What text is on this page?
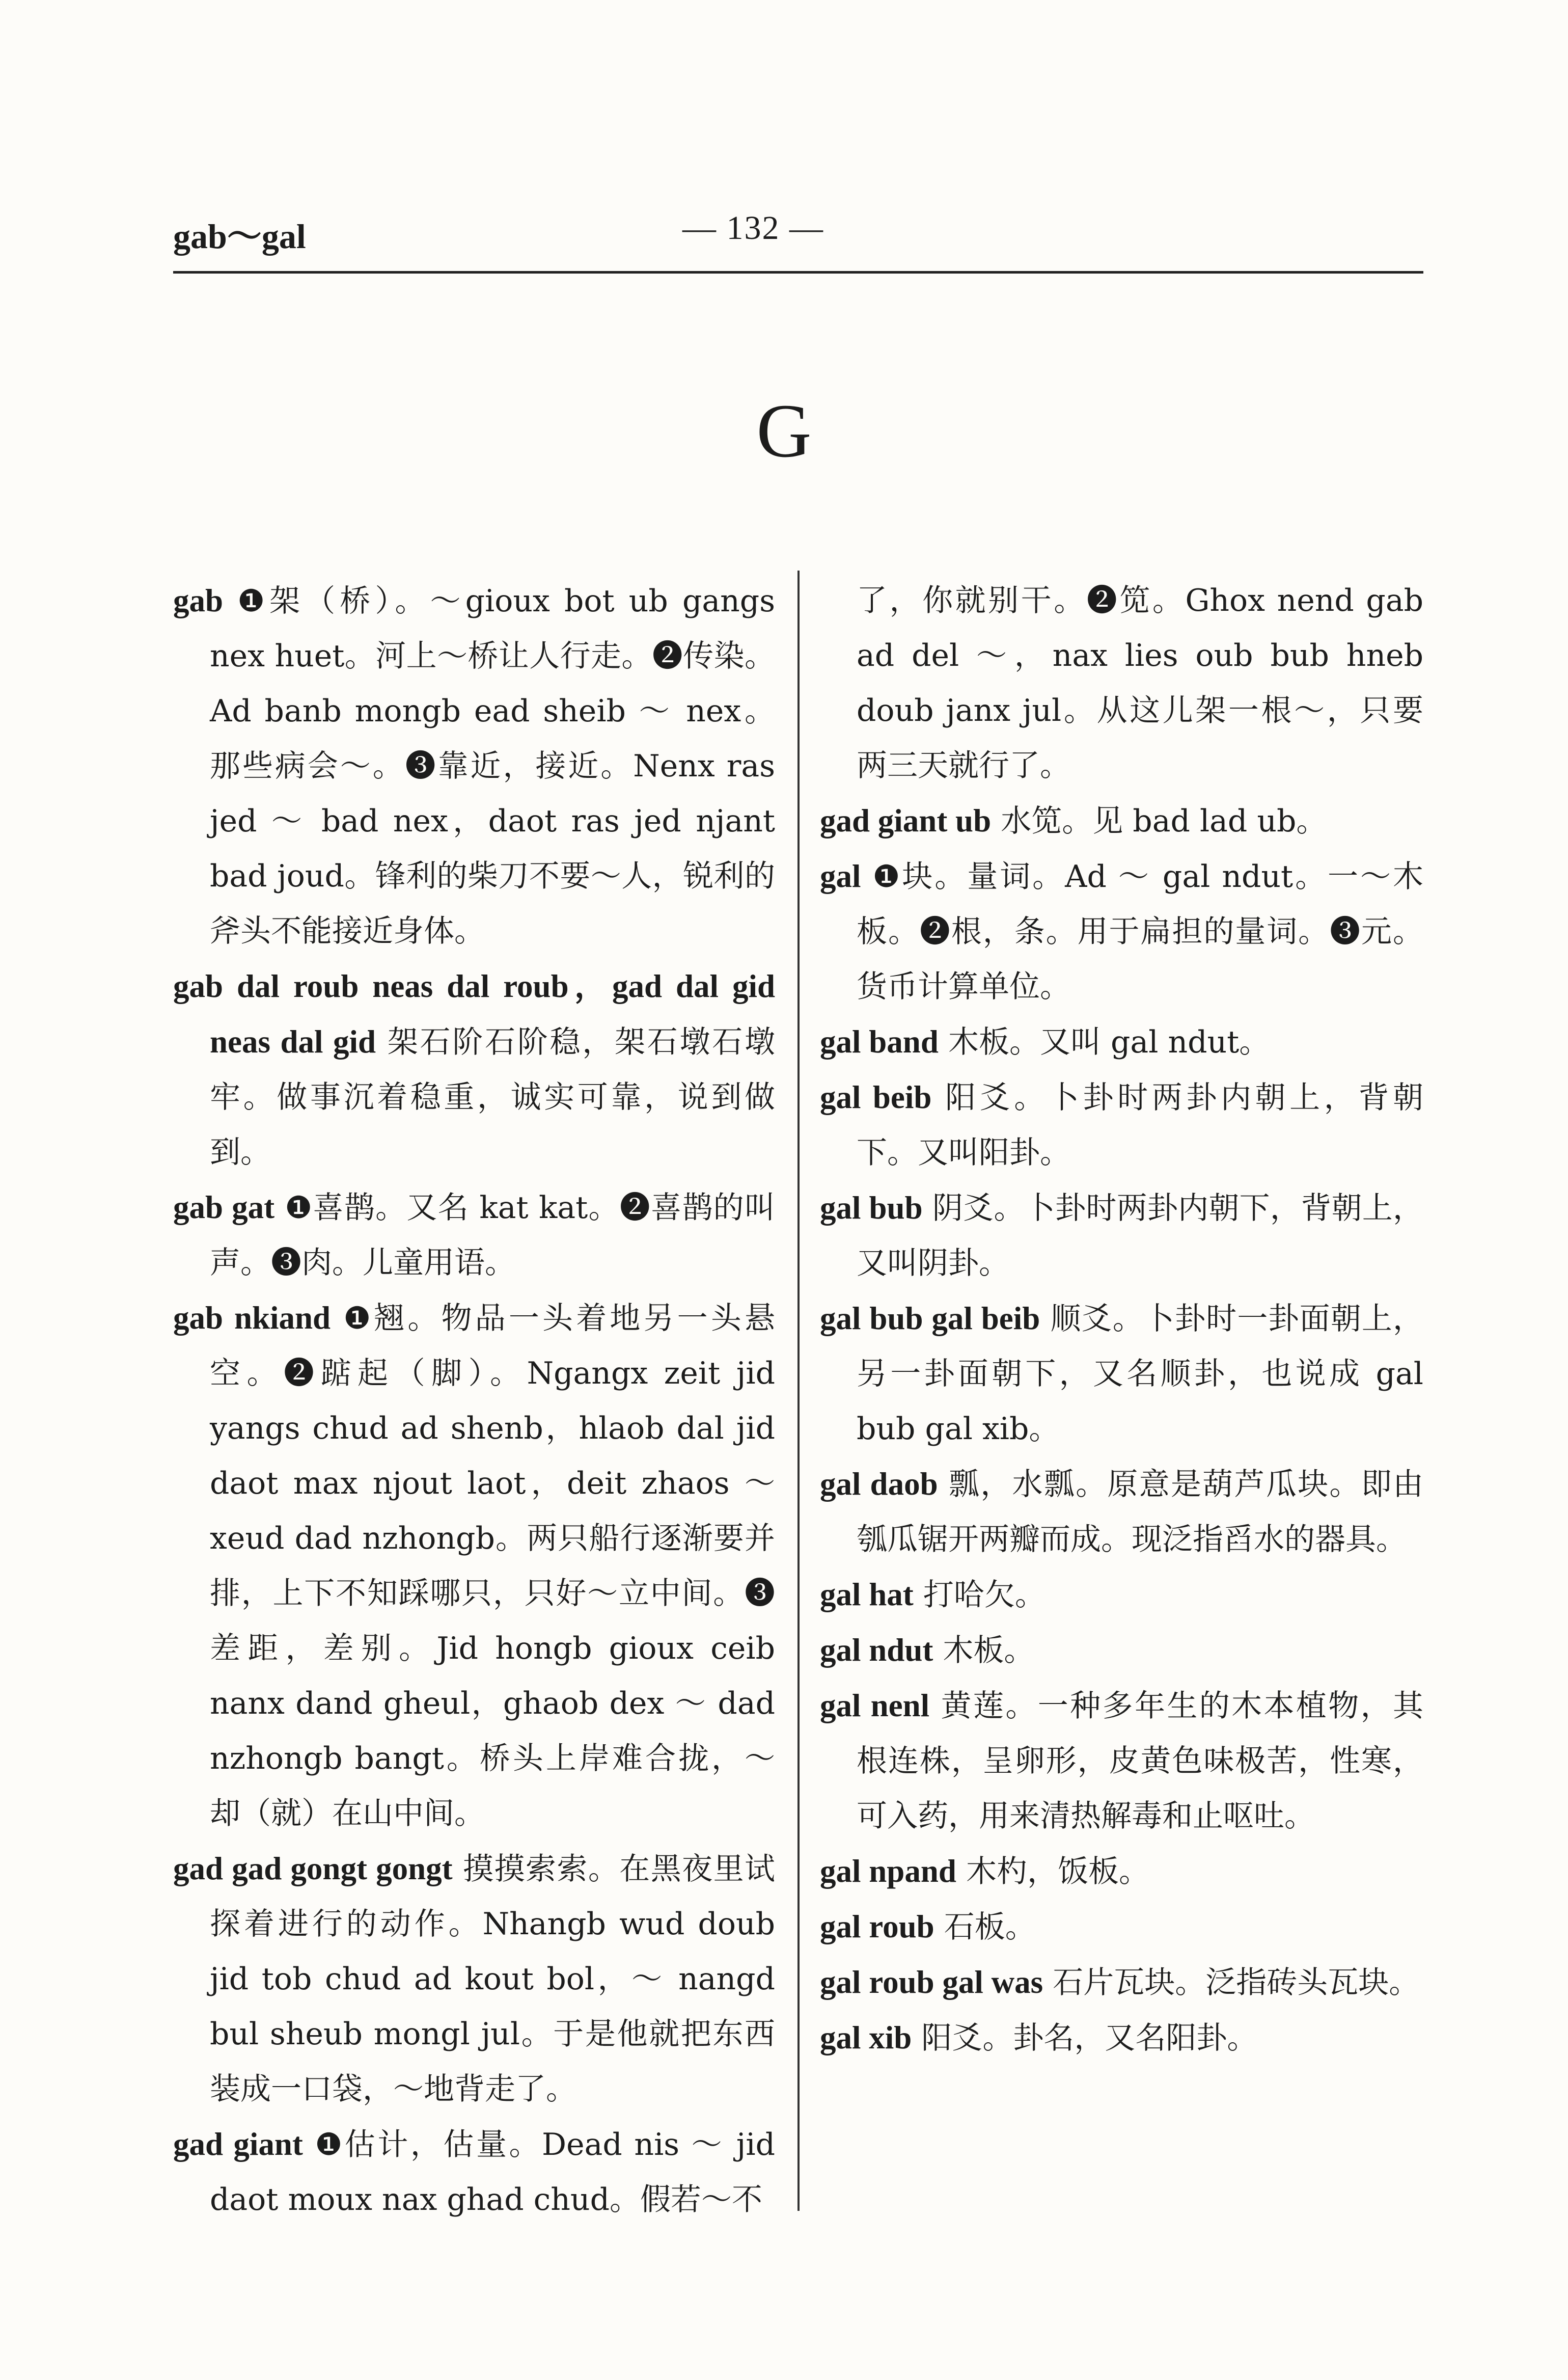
gab～gal	— 132 —
G

gab ❶架（桥）。～gioux bot ub gangs nex huet。河上～桥让人行走。❷传染。Ad banb mongb ead sheib ～ nex。那些病会～。❸靠近，接近。Nenx ras jed ～ bad nex，daot ras jed njant bad joud。锋利的柴刀不要～人，锐利的斧头不能接近身体。

gab dal roub neas dal roub，gad dal gid neas dal gid 架石阶石阶稳，架石墩石墩牢。做事沉着稳重，诚实可靠，说到做到。

gab gat ❶喜鹊。又名 kat kat。❷喜鹊的叫声。❸肉。儿童用语。

gab nkiand ❶翘。物品一头着地另一头悬空。❷踮起（脚）。Ngangx zeit jid yangs chud ad shenb，hlaob dal jid daot max njout laot，deit zhaos ～ xeud dad nzhongb。两只船行逐渐要并排，上下不知踩哪只，只好～立中间。❸差距，差别。Jid hongb gioux ceib nanx dand gheul，ghaob dex ～ dad nzhongb bangt。桥头上岸难合拢，～却（就）在山中间。

gad gad gongt gongt 摸摸索索。在黑夜里试探着进行的动作。Nhangb wud doub jid tob chud ad kout bol，～ nangd bul sheub mongl jul。于是他就把东西装成一口袋，～地背走了。

gad giant ❶估计，估量。Dead nis ～ jid daot moux nax ghad chud。假若～不

了，你就别干。❷笕。Ghox nend gab ad del ～，nax lies oub bub hneb doub janx jul。从这儿架一根～，只要两三天就行了。

gad giant ub 水笕。见 bad lad ub。

gal ❶块。量词。Ad ～ gal ndut。一～木板。❷根，条。用于扁担的量词。❸元。货币计算单位。

gal band 木板。又叫 gal ndut。

gal beib 阳爻。卜卦时两卦内朝上，背朝下。又叫阳卦。

gal bub 阴爻。卜卦时两卦内朝下，背朝上，又叫阴卦。

gal bub gal beib 顺爻。卜卦时一卦面朝上，另一卦面朝下，又名顺卦，也说成 gal bub gal xib。

gal daob 瓢，水瓢。原意是葫芦瓜块。即由瓠瓜锯开两瓣而成。现泛指舀水的器具。

gal hat 打哈欠。

gal ndut 木板。

gal nenl 黄莲。一种多年生的木本植物，其根连株，呈卵形，皮黄色味极苦，性寒，可入药，用来清热解毒和止呕吐。

gal npand 木杓，饭板。

gal roub 石板。

gal roub gal was 石片瓦块。泛指砖头瓦块。

gal xib 阳爻。卦名，又名阳卦。
